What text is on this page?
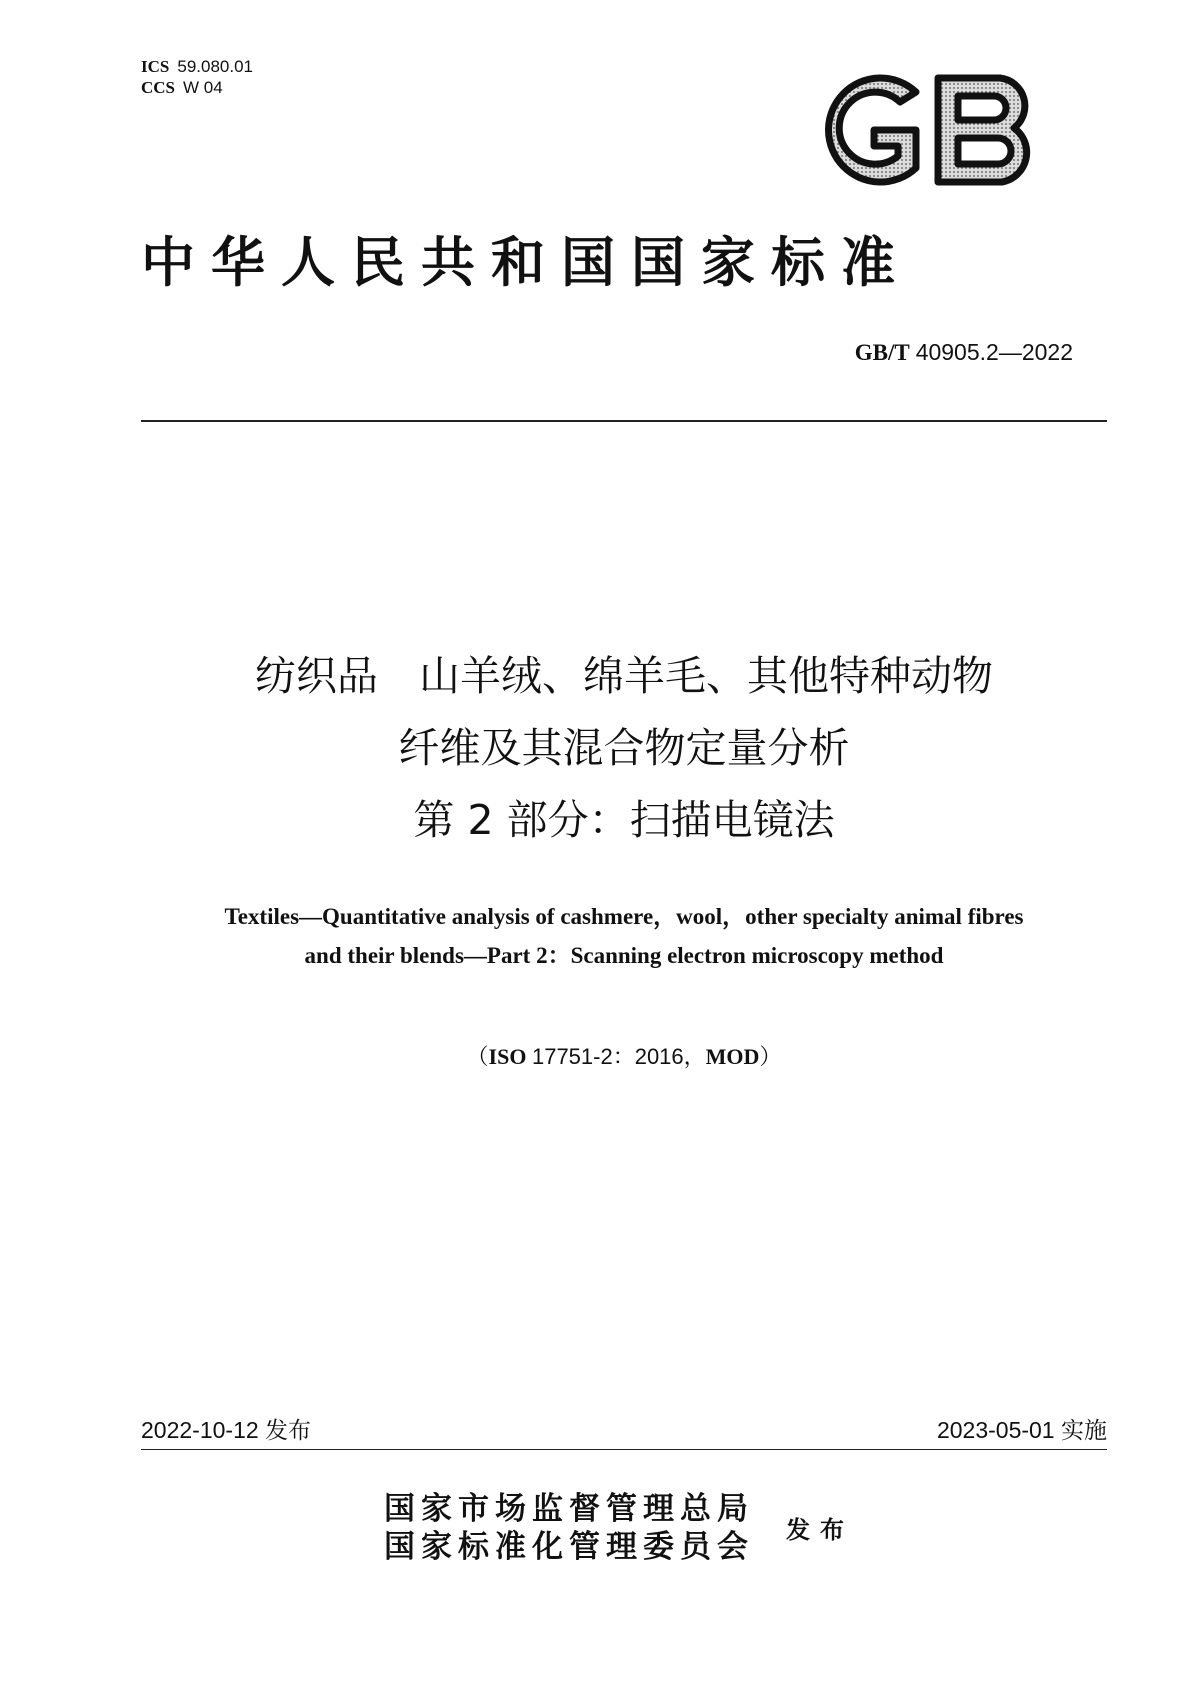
ICS 59.080.01
CCS W 04
中华人民共和国国家标准
GB/T 40905.2—2022
纺织品　山羊绒、绵羊毛、其他特种动物
纤维及其混合物定量分析
第 2 部分：扫描电镜法
Textiles—Quantitative analysis of cashmere，wool，other specialty animal fibres
and their blends—Part 2：Scanning electron microscopy method
（ISO 17751-2：2016，MOD）
2022-10-12 发布	2023-05-01 实施
国家市场监督管理总局
国家标准化管理委员会 发布
